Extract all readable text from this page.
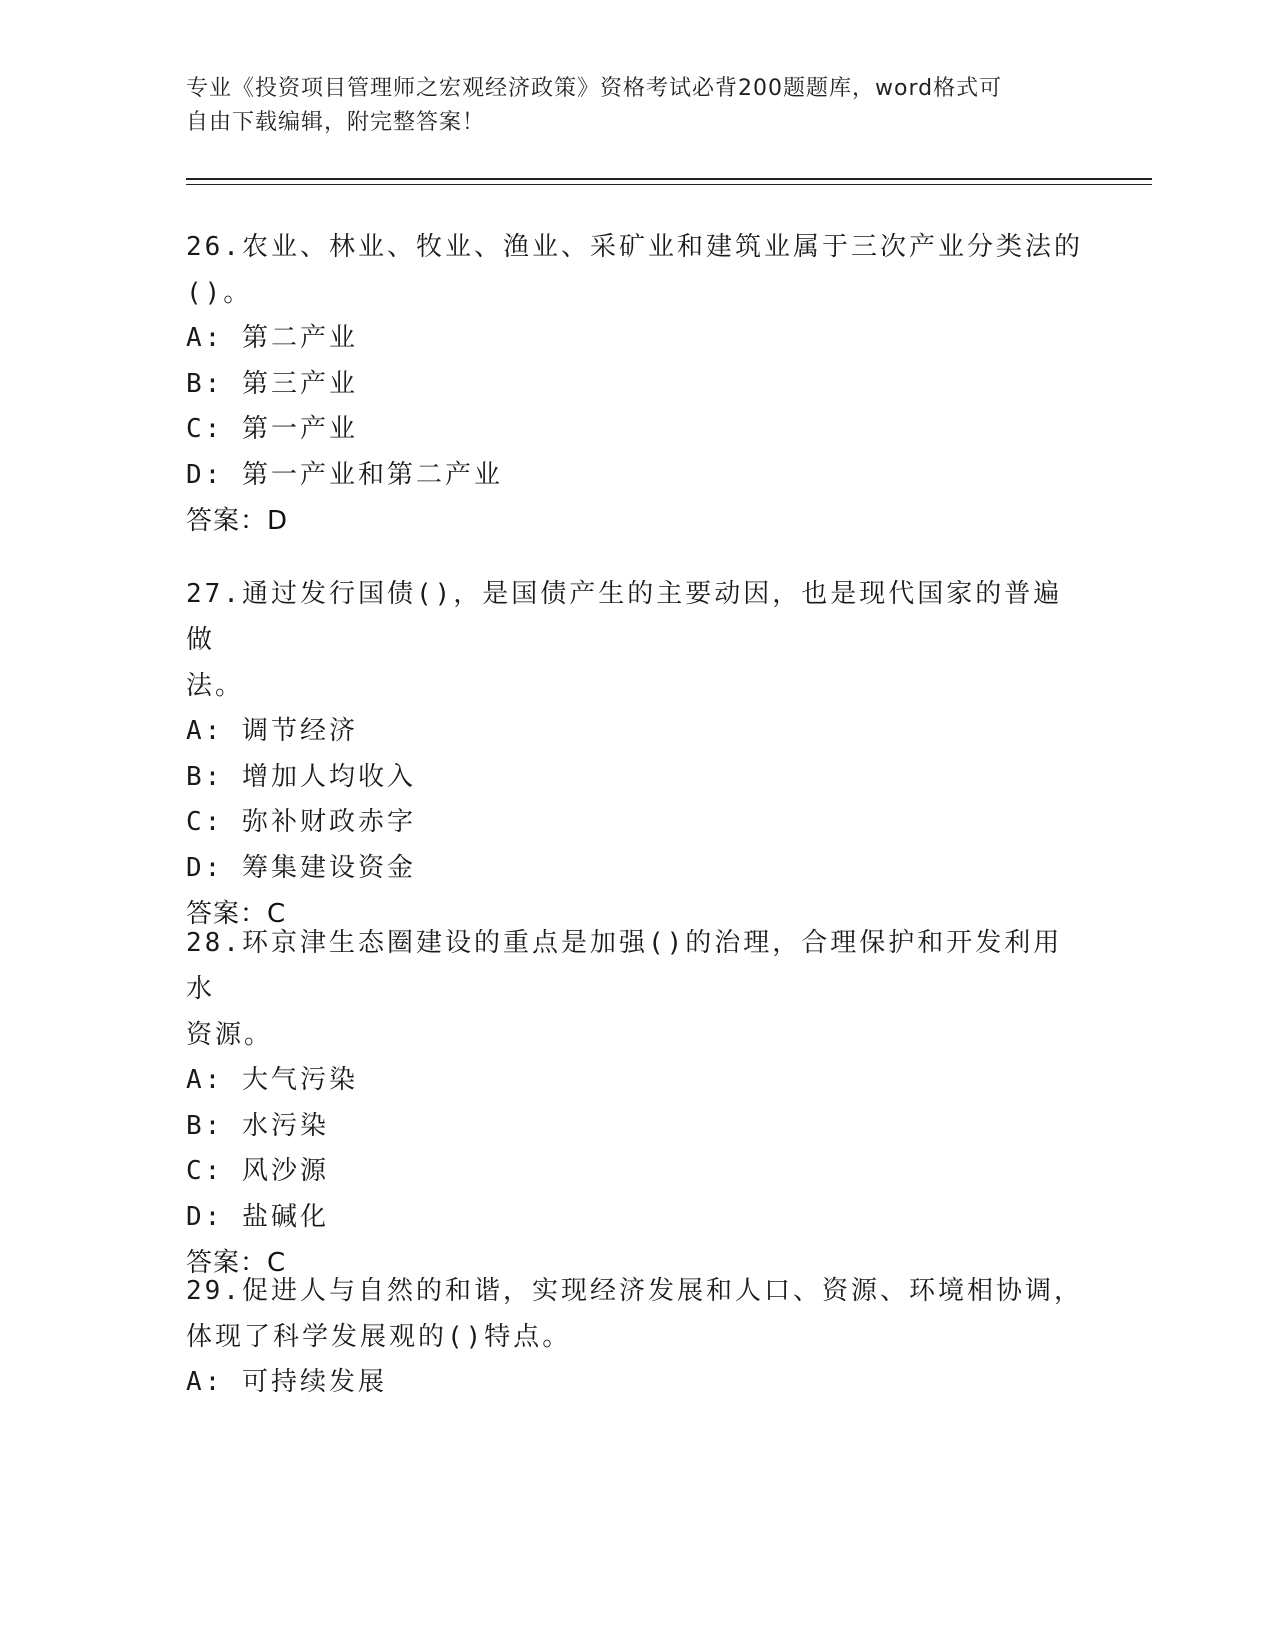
专业《投资项目管理师之宏观经济政策》资格考试必背200题题库，word格式可
自由下载编辑，附完整答案！
26.农业、林业、牧业、渔业、采矿业和建筑业属于三次产业分类法的
()。
A: 第二产业
B: 第三产业
C: 第一产业
D: 第一产业和第二产业
答案：D
27.通过发行国债()，是国债产生的主要动因，也是现代国家的普遍做
法。
A: 调节经济
B: 增加人均收入
C: 弥补财政赤字
D: 筹集建设资金
答案：C
28.环京津生态圈建设的重点是加强()的治理，合理保护和开发利用水
资源。
A: 大气污染
B: 水污染
C: 风沙源
D: 盐碱化
答案：C
29.促进人与自然的和谐，实现经济发展和人口、资源、环境相协调，
体现了科学发展观的()特点。
A: 可持续发展
